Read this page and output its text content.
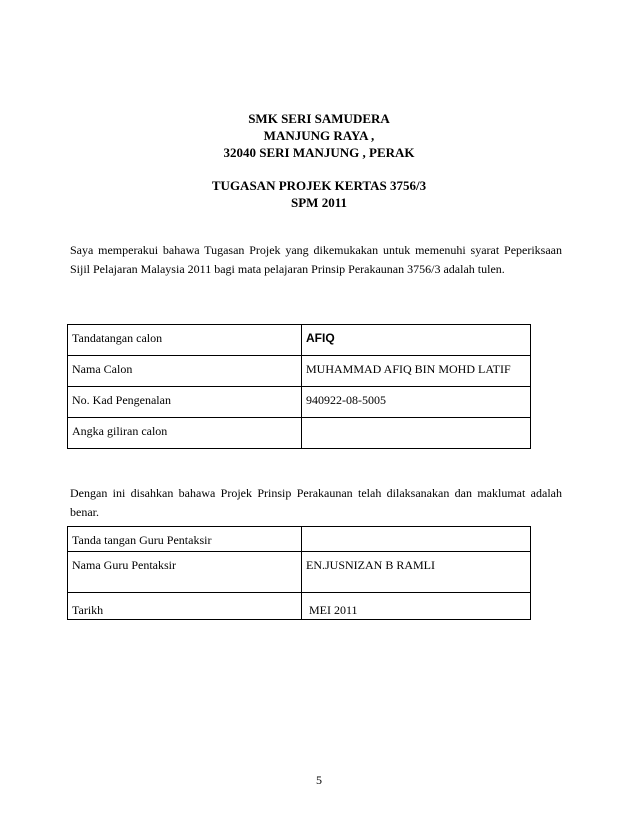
SMK SERI SAMUDERA
MANJUNG RAYA ,
32040 SERI MANJUNG , PERAK
TUGASAN PROJEK KERTAS 3756/3
SPM 2011
Saya memperakui bahawa Tugasan Projek yang dikemukakan untuk memenuhi syarat Peperiksaan Sijil Pelajaran Malaysia 2011 bagi mata pelajaran Prinsip Perakaunan 3756/3 adalah tulen.
Tandatangan calon	AFIQ
Nama Calon	MUHAMMAD AFIQ BIN MOHD LATIF
No. Kad Pengenalan	940922-08-5005
Angka giliran calon	
Dengan ini disahkan bahawa Projek Prinsip Perakaunan telah dilaksanakan dan maklumat adalah benar.
Tanda tangan Guru Pentaksir	
Nama Guru Pentaksir	EN.JUSNIZAN B RAMLI
Tarikh	MEI 2011
5
